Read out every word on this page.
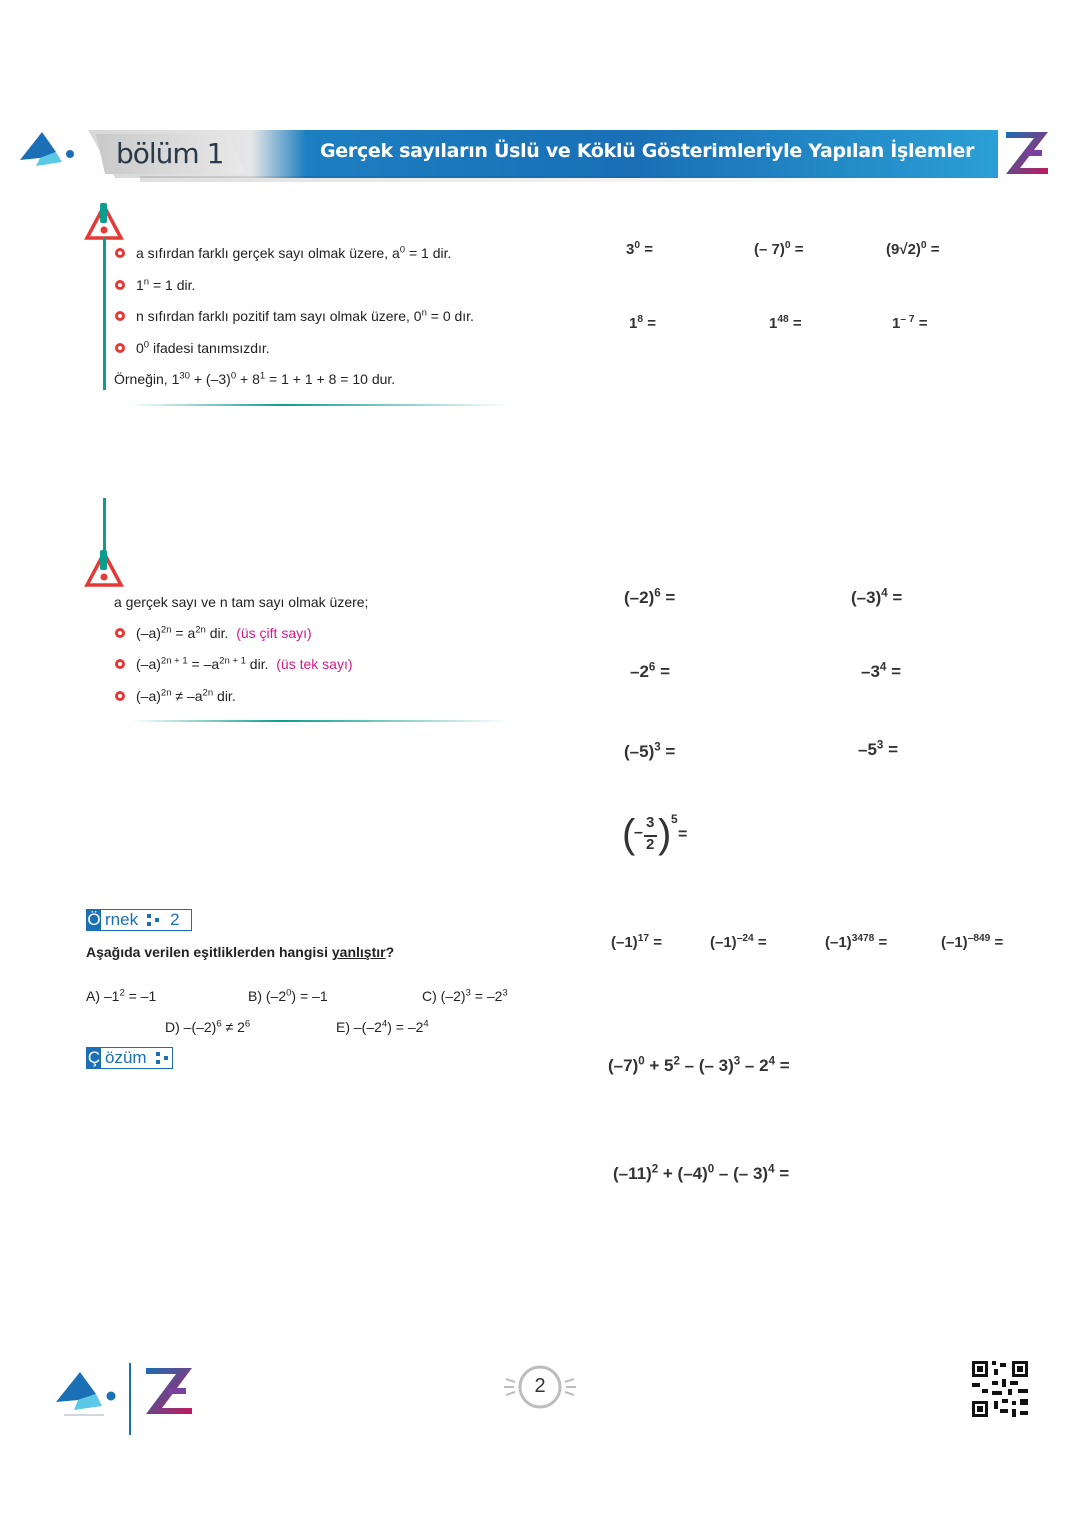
bölüm 1	Gerçek sayıların Üslü ve Köklü Gösterimleriyle Yapılan İşlemler
a sıfırdan farklı gerçek sayı olmak üzere, $a^0 = 1$ dir.
$1^n = 1$ dir.
n sıfırdan farklı pozitif tam sayı olmak üzere, $0^n = 0$ dır.
$0^0$ ifadesi tanımsızdır.
Örneğin, $1^{30} + (-3)^0 + 8^1 = 1 + 1 + 8 = 10$ dur.
$3^0$ =	(– 7)$^0$ =	$(9√2)^0$ =
$1^8$ =	$1^{48}$ =	$1^{- 7}$ =
a gerçek sayı ve n tam sayı olmak üzere;
$(-a)^{2n} = a^{2n}$ dir. (üs çift sayı)
$(-a)^{2n + 1} = -a^{2n + 1}$ dir. (üs tek sayı)
$(-a)^{2n} \ne -a^{2n}$ dir.
$(-2)^6$ =	$(-3)^4$ =
$-2^6$ =	$-3^4$ =
$(-5)^3$ =	$-5^3$ =
(
–
3
2 ) 5
=
$(-1)^{17}$ =	$(-1)^{-24}$ =	$(-1)^{3478}$ =	$(-1)^{-849}$ =
$(-7)^0 + 5^2$ – (– $3)^3 - 2^4$ =
$(-11)^2 + (-4)^0$ – (– 3)$^4$ =
Ö rnek 2
Aşağıda verilen eşitliklerden hangisi yanlıştır?
A) $-1^2 = -1$	B) $(-2^0) = -1$	C) $(-2)^3 = -2^3$
D) $-(-2)^6 \ne 2^6$	E) $-(-2^4) = -2^4$
Ç özüm
2
